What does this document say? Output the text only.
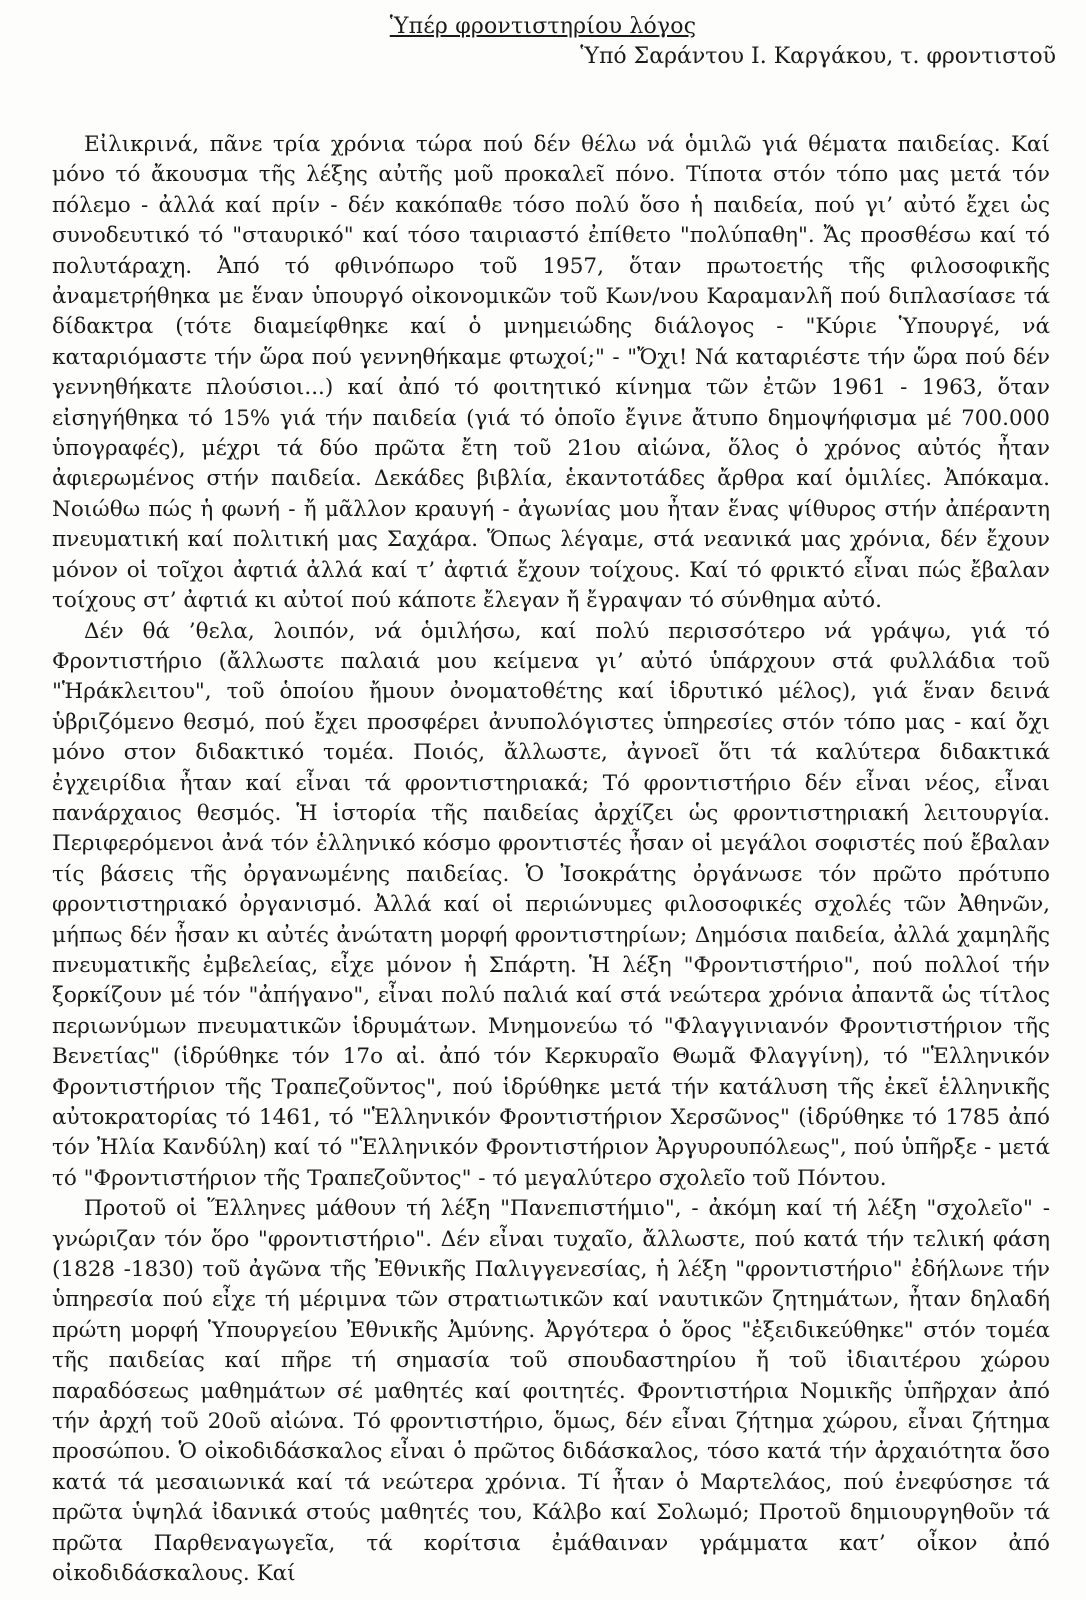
Ὑπέρ φροντιστηρίου λόγος

Ὑπό Σαράντου Ι. Καργάκου, τ. φροντιστοῦ

Εἰλικρινά, πᾶνε τρία χρόνια τώρα πού δέν θέλω νά ὁμιλῶ γιά θέματα παιδείας. Καί μόνο τό ἄκουσμα τῆς λέξης αὐτῆς μοῦ προκαλεῖ πόνο. Τίποτα στόν τόπο μας μετά τόν πόλεμο - ἀλλά καί πρίν - δέν κακόπαθε τόσο πολύ ὅσο ἡ παιδεία, πού γι’ αὐτό ἔχει ὡς συνοδευτικό τό "σταυρικό" καί τόσο ταιριαστό ἐπίθετο "πολύπαθη". Ἄς προσθέσω καί τό πολυτάραχη. Ἀπό τό φθινόπωρο τοῦ 1957, ὅταν πρωτοετής τῆς φιλοσοφικῆς ἀναμετρήθηκα με ἕναν ὑπουργό οἰκονομικῶν τοῦ Κων/νου Καραμανλῆ πού διπλασίασε τά δίδακτρα (τότε διαμείφθηκε καί ὁ μνημειώδης διάλογος - "Κύριε Ὑπουργέ, νά καταριόμαστε τήν ὥρα πού γεννηθήκαμε φτωχοί;" - "Ὄχι! Νά καταριέστε τήν ὥρα πού δέν γεννηθήκατε πλούσιοι...) καί ἀπό τό φοιτητικό κίνημα τῶν ἐτῶν 1961 - 1963, ὅταν εἰσηγήθηκα τό 15% γιά τήν παιδεία (γιά τό ὁποῖο ἔγινε ἄτυπο δημοψήφισμα μέ 700.000 ὑπογραφές), μέχρι τά δύο πρῶτα ἔτη τοῦ 21ου αἰώνα, ὅλος ὁ χρόνος αὐτός ἦταν ἀφιερωμένος στήν παιδεία. Δεκάδες βιβλία, ἑκαντοτάδες ἄρθρα καί ὁμιλίες. Ἀπόκαμα. Νοιώθω πώς ἡ φωνή - ἤ μᾶλλον κραυγή - ἀγωνίας μου ἦταν ἕνας ψίθυρος στήν ἀπέραντη πνευματική καί πολιτική μας Σαχάρα. Ὅπως λέγαμε, στά νεανικά μας χρόνια, δέν ἔχουν μόνον οἱ τοῖχοι ἀφτιά ἀλλά καί τ’ ἀφτιά ἔχουν τοίχους. Καί τό φρικτό εἶναι πώς ἔβαλαν τοίχους στ’ ἀφτιά κι αὐτοί πού κάποτε ἔλεγαν ἤ ἔγραψαν τό σύνθημα αὐτό.

Δέν θά ’θελα, λοιπόν, νά ὁμιλήσω, καί πολύ περισσότερο νά γράψω, γιά τό Φροντιστήριο (ἄλλωστε παλαιά μου κείμενα γι’ αὐτό ὑπάρχουν στά φυλλάδια τοῦ "Ἡράκλειτου", τοῦ ὁποίου ἤμουν ὀνοματοθέτης καί ἱδρυτικό μέλος), γιά ἕναν δεινά ὑβριζόμενο θεσμό, πού ἔχει προσφέρει ἀνυπολόγιστες ὑπηρεσίες στόν τόπο μας - καί ὄχι μόνο στον διδακτικό τομέα. Ποιός, ἄλλωστε, ἀγνοεῖ ὅτι τά καλύτερα διδακτικά ἐγχειρίδια ἦταν καί εἶναι τά φροντιστηριακά; Τό φροντιστήριο δέν εἶναι νέος, εἶναι πανάρχαιος θεσμός. Ἡ ἱστορία τῆς παιδείας ἀρχίζει ὡς φροντιστηριακή λειτουργία. Περιφερόμενοι ἀνά τόν ἑλληνικό κόσμο φροντιστές ἦσαν οἱ μεγάλοι σοφιστές πού ἔβαλαν τίς βάσεις τῆς ὀργανωμένης παιδείας. Ὁ Ἰσοκράτης ὀργάνωσε τόν πρῶτο πρότυπο φροντιστηριακό ὀργανισμό. Ἀλλά καί οἱ περιώνυμες φιλοσοφικές σχολές τῶν Ἀθηνῶν, μήπως δέν ἦσαν κι αὐτές ἀνώτατη μορφή φροντιστηρίων; Δημόσια παιδεία, ἀλλά χαμηλῆς πνευματικῆς ἐμβελείας, εἶχε μόνον ἡ Σπάρτη. Ἡ λέξη "Φροντιστήριο", πού πολλοί τήν ξορκίζουν μέ τόν "ἀπήγανο", εἶναι πολύ παλιά καί στά νεώτερα χρόνια ἀπαντᾶ ὡς τίτλος περιωνύμων πνευματικῶν ἱδρυμάτων. Μνημονεύω τό "Φλαγγινιανόν Φροντιστήριον τῆς Βενετίας" (ἱδρύθηκε τόν 17ο αἰ. ἀπό τόν Κερκυραῖο Θωμᾶ Φλαγγίνη), τό "Ἑλληνικόν Φροντιστήριον τῆς Τραπεζοῦντος", πού ἱδρύθηκε μετά τήν κατάλυση τῆς ἐκεῖ ἑλληνικῆς αὐτοκρατορίας τό 1461, τό "Ἑλληνικόν Φροντιστήριον Χερσῶνος" (ἱδρύθηκε τό 1785 ἀπό τόν Ἠλία Κανδύλη) καί τό "Ἑλληνικόν Φροντιστήριον Ἀργυρουπόλεως", πού ὑπῆρξε - μετά τό "Φροντιστήριον τῆς Τραπεζοῦντος" - τό μεγαλύτερο σχολεῖο τοῦ Πόντου.

Προτοῦ οἱ Ἕλληνες μάθουν τή λέξη "Πανεπιστήμιο", - ἀκόμη καί τή λέξη "σχολεῖο" - γνώριζαν τόν ὅρο "φροντιστήριο". Δέν εἶναι τυχαῖο, ἄλλωστε, πού κατά τήν τελική φάση (1828 -1830) τοῦ ἀγῶνα τῆς Ἐθνικῆς Παλιγγενεσίας, ἡ λέξη "φροντιστήριο" ἐδήλωνε τήν ὑπηρεσία πού εἶχε τή μέριμνα τῶν στρατιωτικῶν καί ναυτικῶν ζητημάτων, ἦταν δηλαδή πρώτη μορφή Ὑπουργείου Ἐθνικῆς Ἀμύνης. Ἀργότερα ὁ ὅρος "ἐξειδικεύθηκε" στόν τομέα τῆς παιδείας καί πῆρε τή σημασία τοῦ σπουδαστηρίου ἤ τοῦ ἰδιαιτέρου χώρου παραδόσεως μαθημάτων σέ μαθητές καί φοιτητές. Φροντιστήρια Νομικῆς ὑπῆρχαν ἀπό τήν ἀρχή τοῦ 20οῦ αἰώνα. Τό φροντιστήριο, ὅμως, δέν εἶναι ζήτημα χώρου, εἶναι ζήτημα προσώπου. Ὁ οἰκοδιδάσκαλος εἶναι ὁ πρῶτος διδάσκαλος, τόσο κατά τήν ἀρχαιότητα ὅσο κατά τά μεσαιωνικά καί τά νεώτερα χρόνια. Τί ἦταν ὁ Μαρτελάος, πού ἐνεφύσησε τά πρῶτα ὑψηλά ἰδανικά στούς μαθητές του, Κάλβο καί Σολωμό; Προτοῦ δημιουργηθοῦν τά πρῶτα Παρθεναγωγεῖα, τά κορίτσια ἐμάθαιναν γράμματα κατ’ οἶκον ἀπό οἰκοδιδάσκαλους. Καί
